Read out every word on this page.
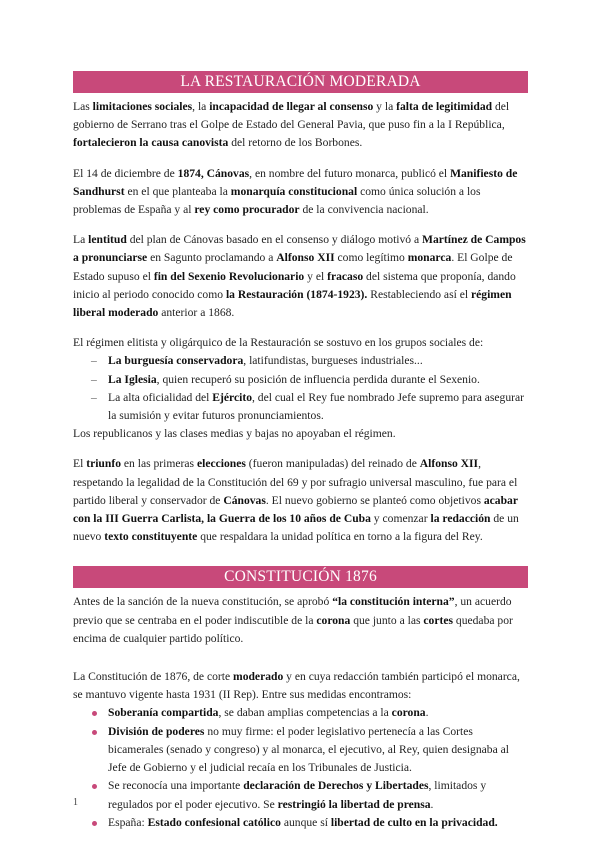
LA RESTAURACIÓN MODERADA

Las limitaciones sociales, la incapacidad de llegar al consenso y la falta de legitimidad del gobierno de Serrano tras el Golpe de Estado del General Pavia, que puso fin a la I República, fortalecieron la causa canovista del retorno de los Borbones.

El 14 de diciembre de 1874, Cánovas, en nombre del futuro monarca, publicó el Manifiesto de Sandhurst en el que planteaba la monarquía constitucional como única solución a los problemas de España y al rey como procurador de la convivencia nacional.

La lentitud del plan de Cánovas basado en el consenso y diálogo motivó a Martínez de Campos a pronunciarse en Sagunto proclamando a Alfonso XII como legítimo monarca. El Golpe de Estado supuso el fin del Sexenio Revolucionario y el fracaso del sistema que proponía, dando inicio al periodo conocido como la Restauración (1874-1923). Restableciendo así el régimen liberal moderado anterior a 1868.

El régimen elitista y oligárquico de la Restauración se sostuvo en los grupos sociales de:

– La burguesía conservadora, latifundistas, burgueses industriales...
– La Iglesia, quien recuperó su posición de influencia perdida durante el Sexenio.
– La alta oficialidad del Ejército, del cual el Rey fue nombrado Jefe supremo para asegurar la sumisión y evitar futuros pronunciamientos.

Los republicanos y las clases medias y bajas no apoyaban el régimen.

El triunfo en las primeras elecciones (fueron manipuladas) del reinado de Alfonso XII, respetando la legalidad de la Constitución del 69 y por sufragio universal masculino, fue para el partido liberal y conservador de Cánovas. El nuevo gobierno se planteó como objetivos acabar con la III Guerra Carlista, la Guerra de los 10 años de Cuba y comenzar la redacción de un nuevo texto constituyente que respaldara la unidad política en torno a la figura del Rey.

CONSTITUCIÓN 1876

Antes de la sanción de la nueva constitución, se aprobó “la constitución interna”, un acuerdo previo que se centraba en el poder indiscutible de la corona que junto a las cortes quedaba por encima de cualquier partido político.

La Constitución de 1876, de corte moderado y en cuya redacción también participó el monarca, se mantuvo vigente hasta 1931 (II Rep). Entre sus medidas encontramos:

Soberanía compartida, se daban amplias competencias a la corona.
División de poderes no muy firme: el poder legislativo pertenecía a las Cortes bicamerales (senado y congreso) y al monarca, el ejecutivo, al Rey, quien designaba al Jefe de Gobierno y el judicial recaía en los Tribunales de Justicia.
Se reconocía una importante declaración de Derechos y Libertades, limitados y regulados por el poder ejecutivo. Se restringió la libertad de prensa.
España: Estado confesional católico aunque sí libertad de culto en la privacidad.
1
